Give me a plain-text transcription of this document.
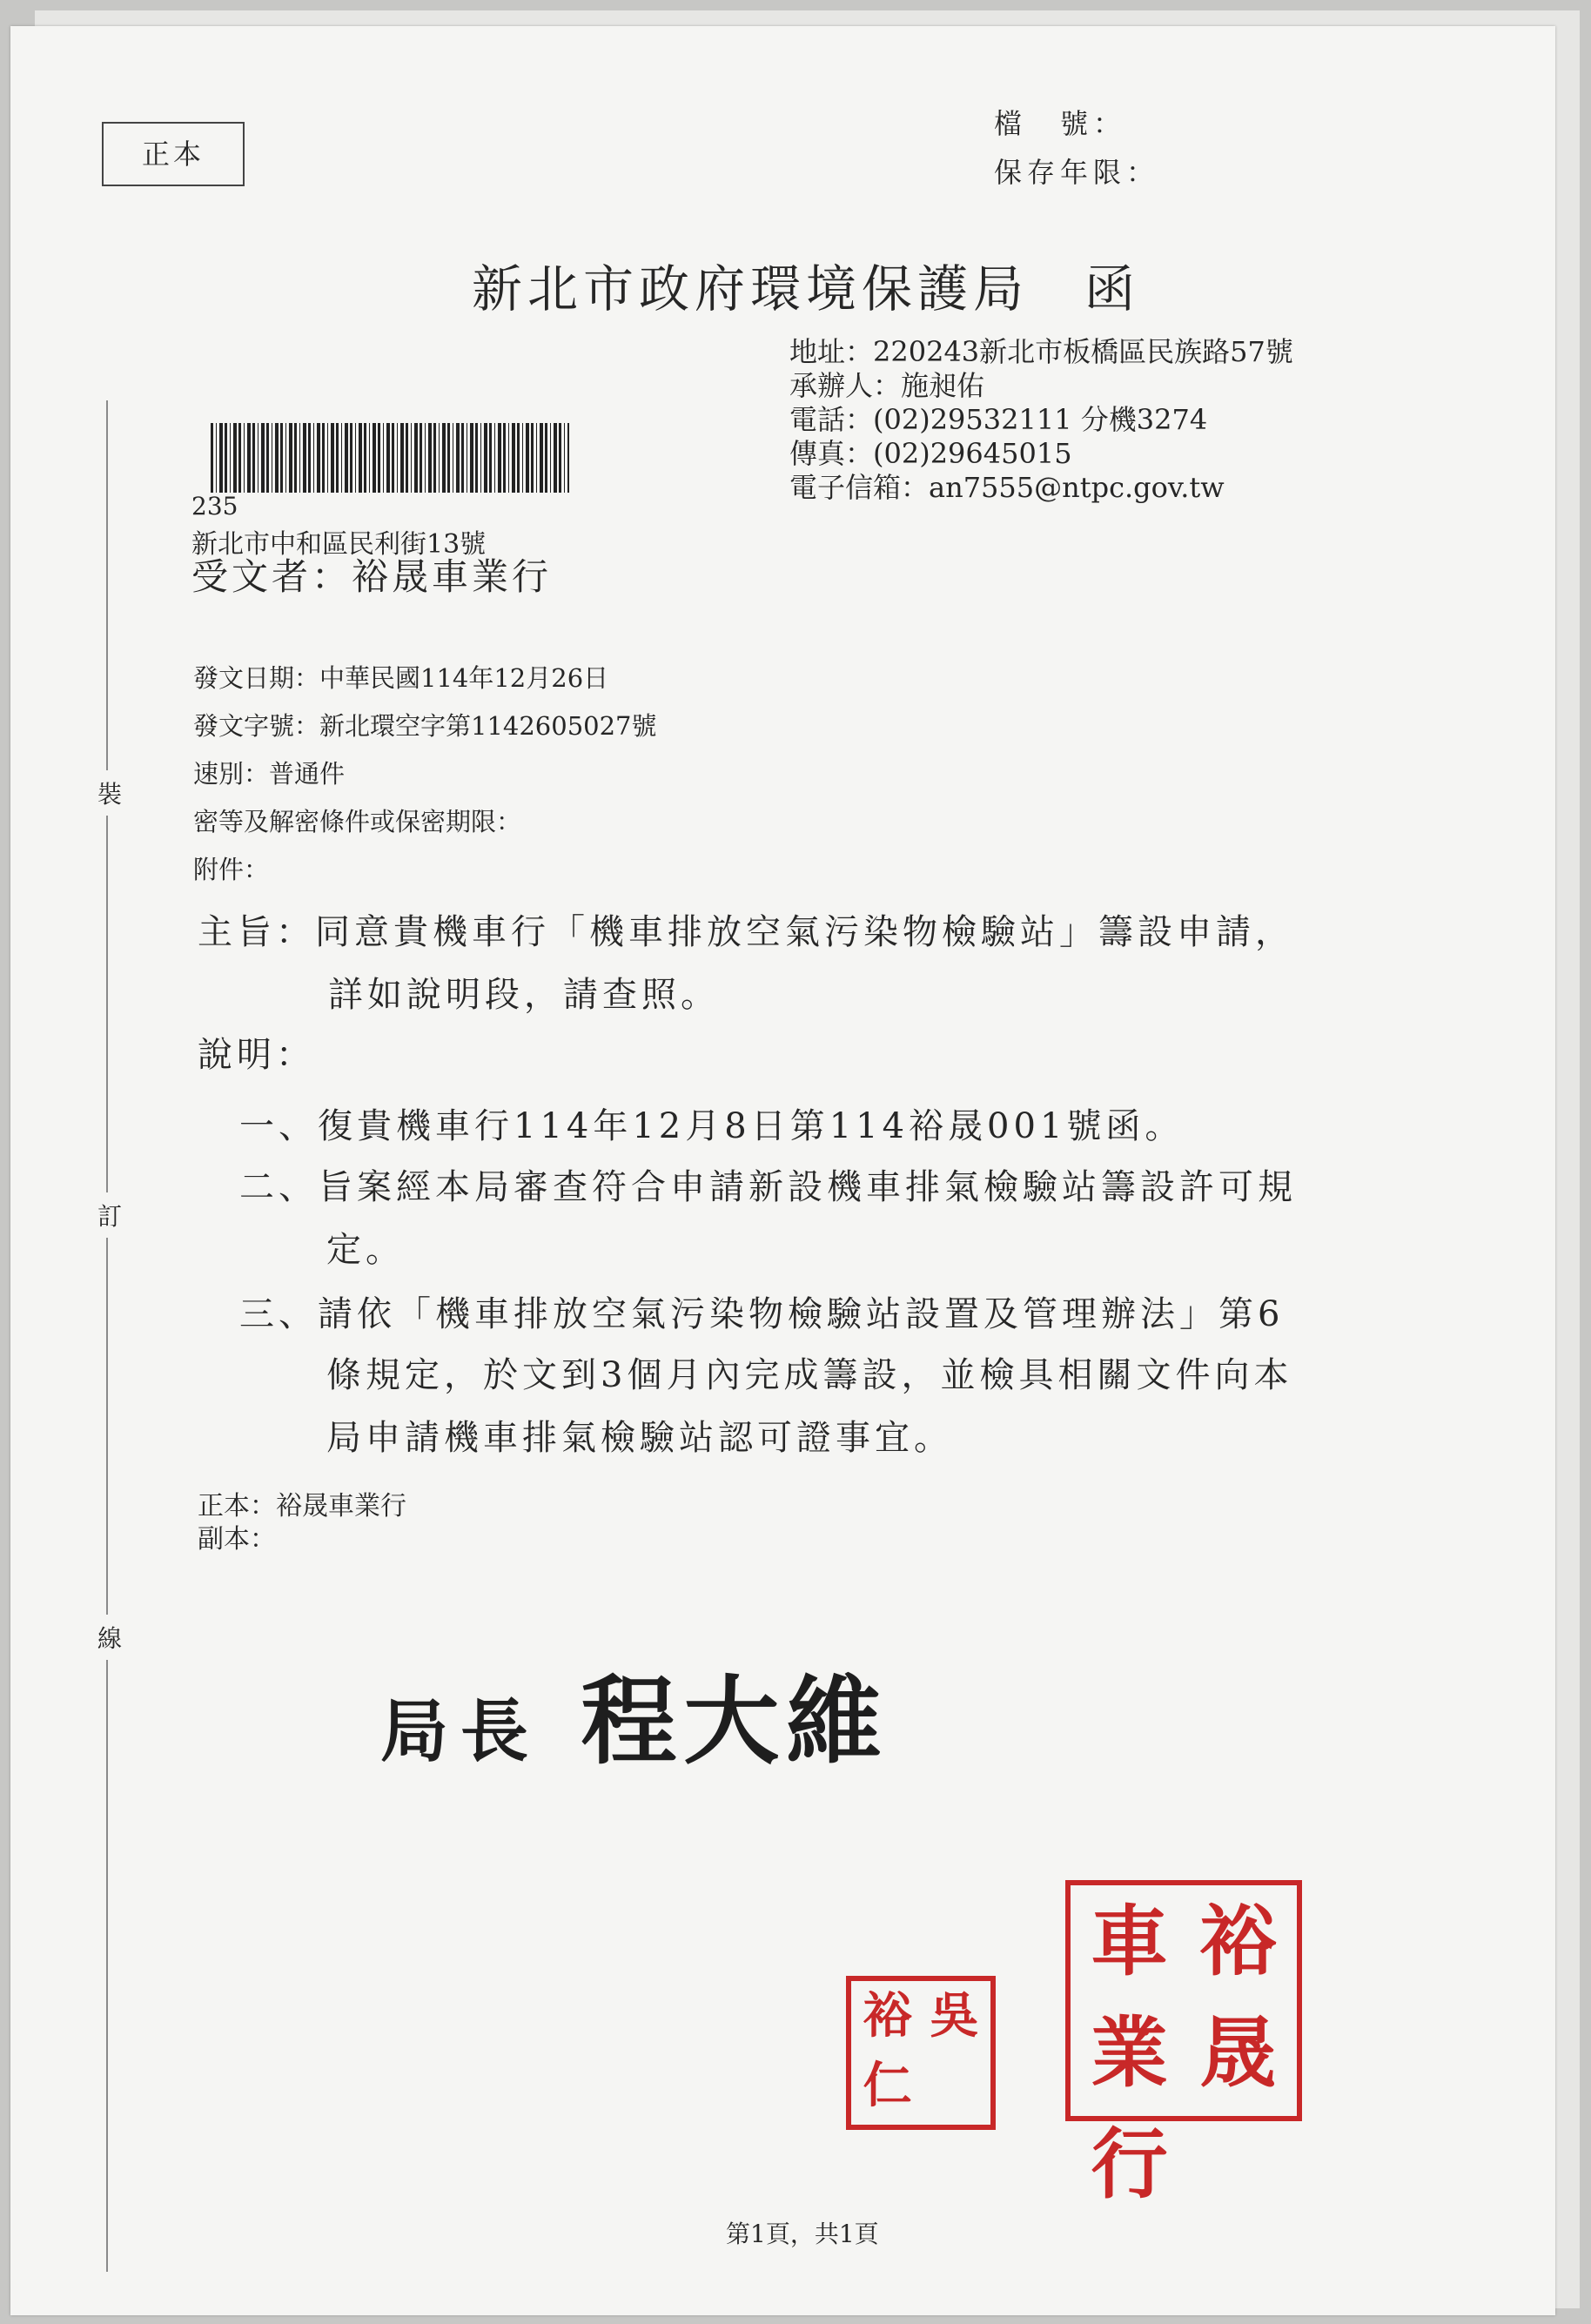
正本
檔　號：
保存年限：
新北市政府環境保護局　函
地址：220243新北市板橋區民族路57號
承辦人：施昶佑
電話：(02)29532111 分機3274
傳真：(02)29645015
電子信箱：an7555@ntpc.gov.tw
235
新北市中和區民利街13號
受文者：裕晟車業行
發文日期：中華民國114年12月26日
發文字號：新北環空字第1142605027號
速別：普通件
密等及解密條件或保密期限：
附件：
主旨：同意貴機車行「機車排放空氣污染物檢驗站」籌設申請，
詳如說明段，請查照。
說明：
一、復貴機車行114年12月8日第114裕晟001號函。
二、旨案經本局審查符合申請新設機車排氣檢驗站籌設許可規
定。
三、請依「機車排放空氣污染物檢驗站設置及管理辦法」第6
條規定，於文到3個月內完成籌設，並檢具相關文件向本
局申請機車排氣檢驗站認可證事宜。
正本：裕晟車業行
副本：
裝
訂
線
局長 程大維
裕仁吳
車業行裕晟
第1頁，共1頁
